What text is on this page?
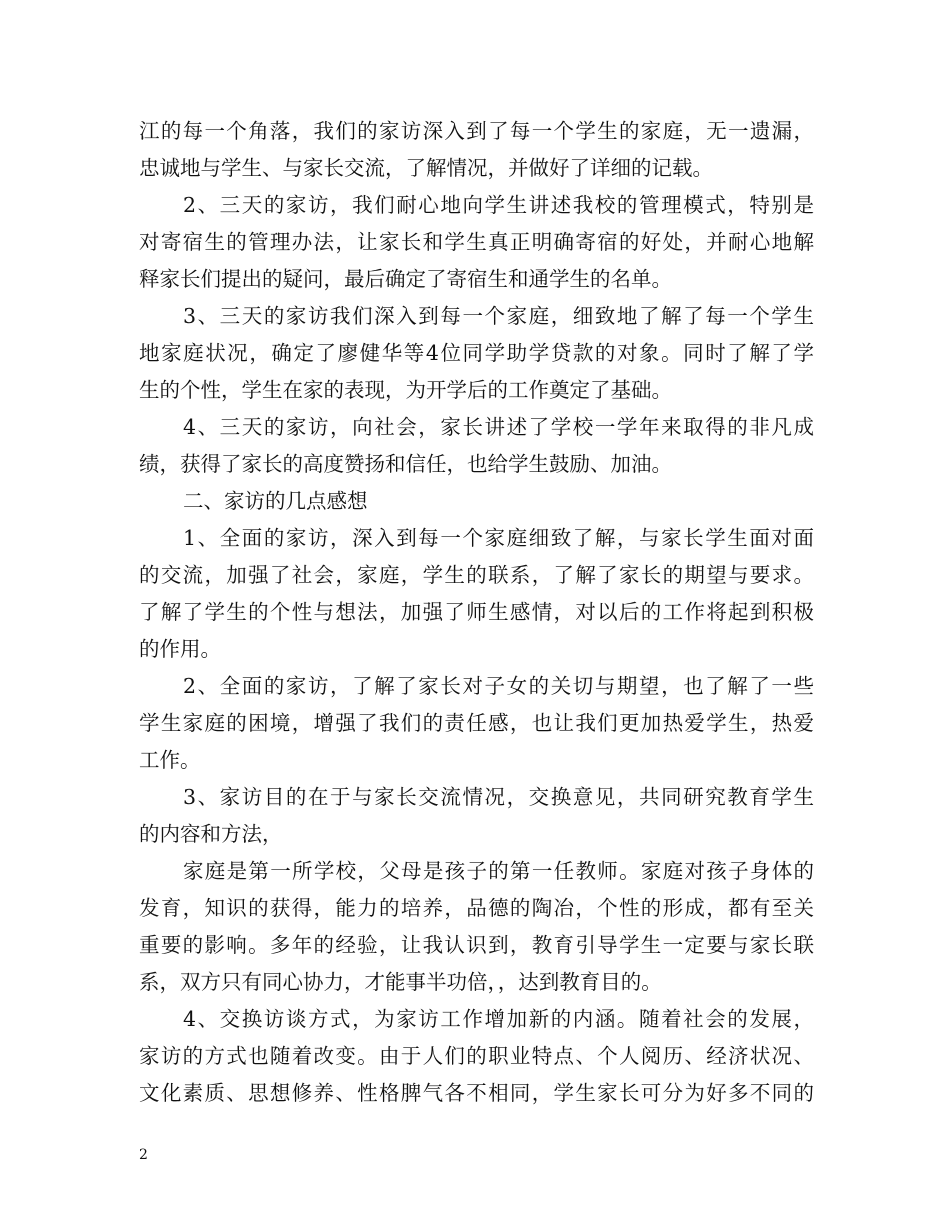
江的每一个角落，我们的家访深入到了每一个学生的家庭，无一遗漏，
忠诚地与学生、与家长交流，了解情况，并做好了详细的记载。
2、三天的家访，我们耐心地向学生讲述我校的管理模式，特别是
对寄宿生的管理办法，让家长和学生真正明确寄宿的好处，并耐心地解
释家长们提出的疑问，最后确定了寄宿生和通学生的名单。
3、三天的家访我们深入到每一个家庭，细致地了解了每一个学生
地家庭状况，确定了廖健华等4位同学助学贷款的对象。同时了解了学
生的个性，学生在家的表现，为开学后的工作奠定了基础。
4、三天的家访，向社会，家长讲述了学校一学年来取得的非凡成
绩，获得了家长的高度赞扬和信任，也给学生鼓励、加油。
二、家访的几点感想
1、全面的家访，深入到每一个家庭细致了解，与家长学生面对面
的交流，加强了社会，家庭，学生的联系，了解了家长的期望与要求。
了解了学生的个性与想法，加强了师生感情，对以后的工作将起到积极
的作用。
2、全面的家访，了解了家长对子女的关切与期望，也了解了一些
学生家庭的困境，增强了我们的责任感，也让我们更加热爱学生，热爱
工作。
3、家访目的在于与家长交流情况，交换意见，共同研究教育学生
的内容和方法，
家庭是第一所学校，父母是孩子的第一任教师。家庭对孩子身体的
发育，知识的获得，能力的培养，品德的陶冶，个性的形成，都有至关
重要的影响。多年的经验，让我认识到，教育引导学生一定要与家长联
系，双方只有同心协力，才能事半功倍，，达到教育目的。
4、交换访谈方式，为家访工作增加新的内涵。随着社会的发展，
家访的方式也随着改变。由于人们的职业特点、个人阅历、经济状况、
文化素质、思想修养、性格脾气各不相同，学生家长可分为好多不同的
2
